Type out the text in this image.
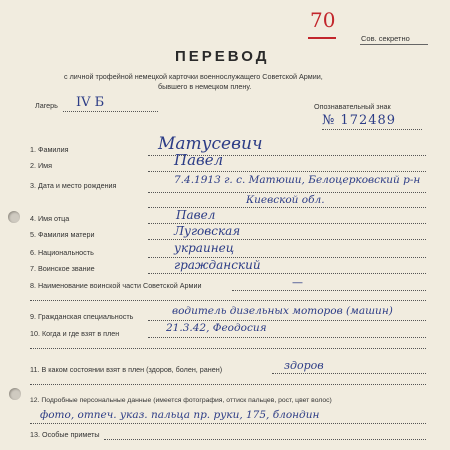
70
Сов. секретно
ПЕРЕВОД
с личной трофейной немецкой карточки военнослужащего Советской Армии,
бывшего в немецком плену.
Лагерь IV Б	Опознавательный знак
№ 172489
1. Фамилия	Матусевич
2. Имя	Павел
3. Дата и место рождения	7.4.1913 г. с. Матюши, Белоцерковский р-н
Киевской обл.
4. Имя отца	Павел
5. Фамилия матери	Луговская
6. Национальность	украинец
7. Воинское звание	гражданский
8. Наименование воинской части Советской Армии	—
9. Гражданская специальность	водитель дизельных моторов (машин)
10. Когда и где взят в плен	21.3.42, Феодосия
11. В каком состоянии взят в плен (здоров, болен, ранен)	здоров
12. Подробные персональные данные (имеется фотография, оттиск пальцев, рост, цвет волос)
фото, отпеч. указ. пальца пр. руки, 175, блондин
13. Особые приметы
